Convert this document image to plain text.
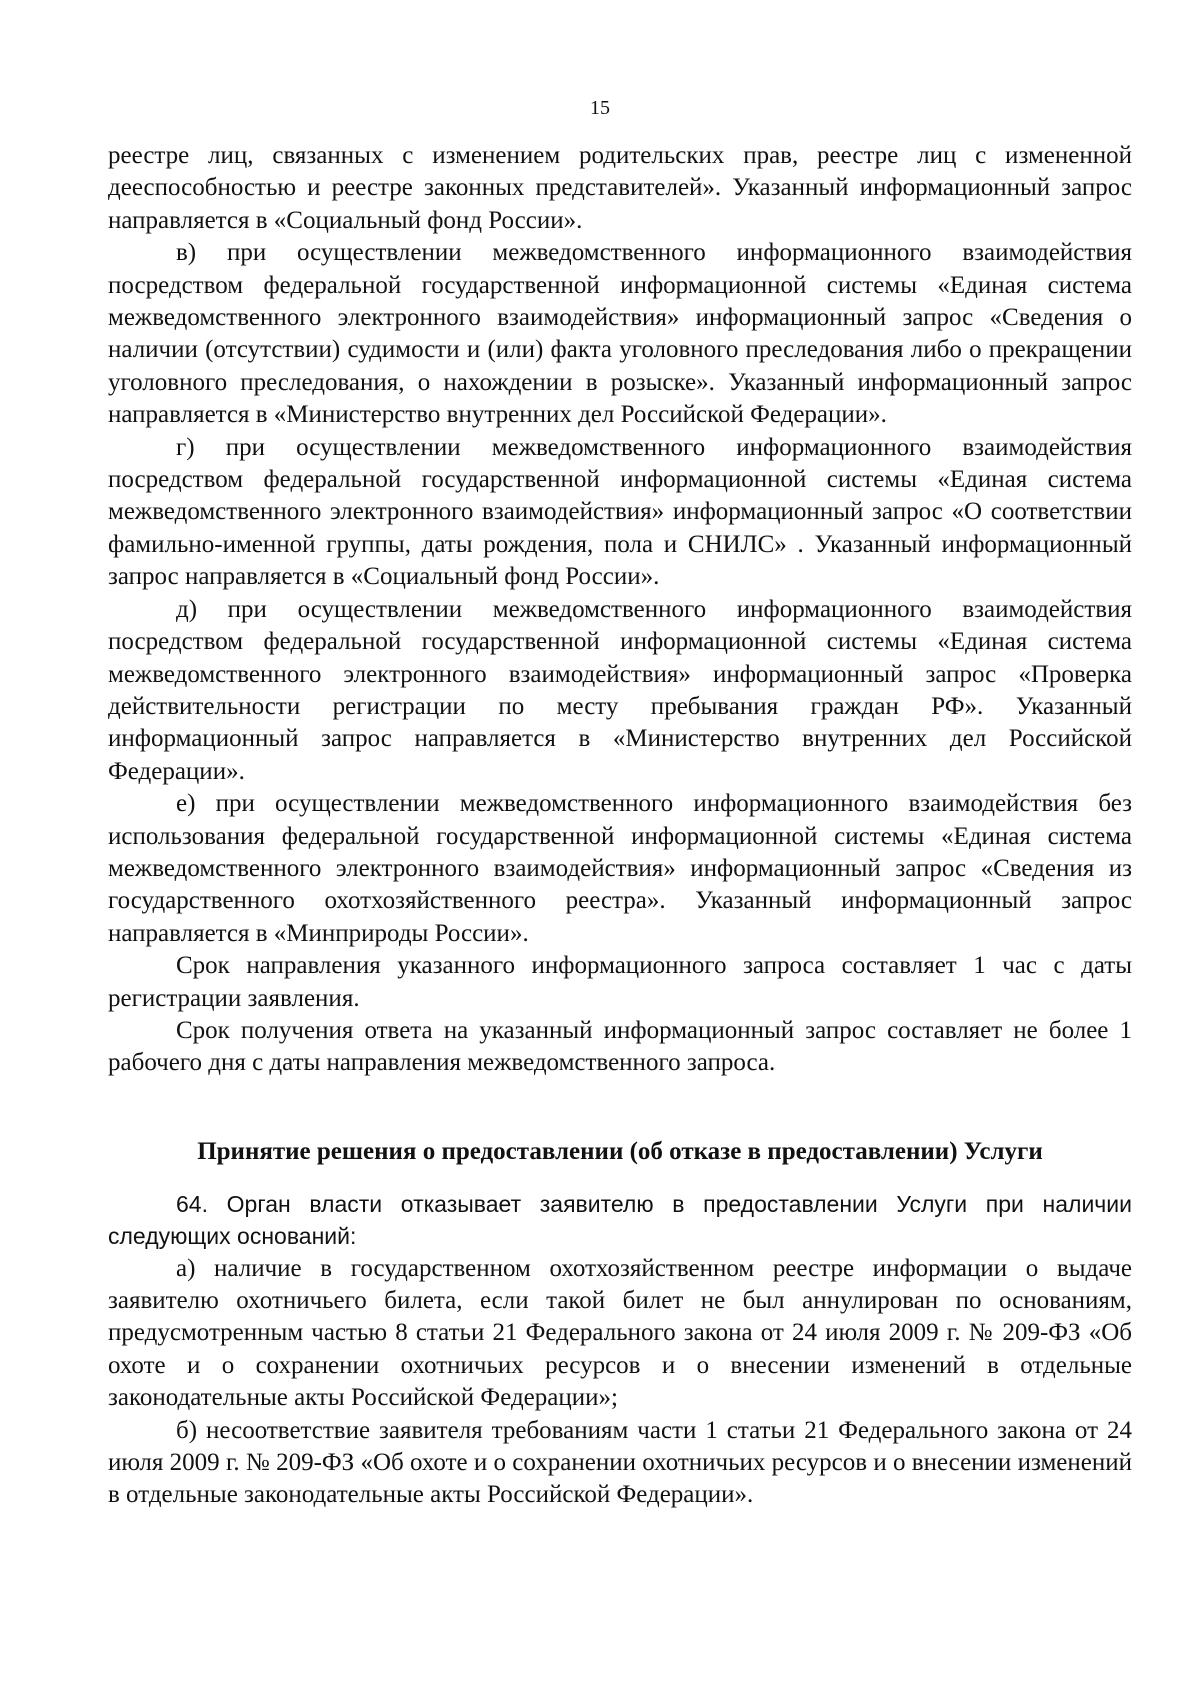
15

реестре лиц, связанных с изменением родительских прав, реестре лиц с измененной дееспособностью и реестре законных представителей». Указанный информационный запрос направляется в «Социальный фонд России».

в) при осуществлении межведомственного информационного взаимодействия посредством федеральной государственной информационной системы «Единая система межведомственного электронного взаимодействия» информационный запрос «Сведения о наличии (отсутствии) судимости и (или) факта уголовного преследования либо о прекращении уголовного преследования, о нахождении в розыске». Указанный информационный запрос направляется в «Министерство внутренних дел Российской Федерации».

г) при осуществлении межведомственного информационного взаимодействия посредством федеральной государственной информационной системы «Единая система межведомственного электронного взаимодействия» информационный запрос «О соответствии фамильно-именной группы, даты рождения, пола и СНИЛС» . Указанный информационный запрос направляется в «Социальный фонд России».

д) при осуществлении межведомственного информационного взаимодействия посредством федеральной государственной информационной системы «Единая система межведомственного электронного взаимодействия» информационный запрос «Проверка действительности регистрации по месту пребывания граждан РФ». Указанный информационный запрос направляется в «Министерство внутренних дел Российской Федерации».

е) при осуществлении межведомственного информационного взаимодействия без использования федеральной государственной информационной системы «Единая система межведомственного электронного взаимодействия» информационный запрос «Сведения из государственного охотхозяйственного реестра». Указанный информационный запрос направляется в «Минприроды России».

Срок направления указанного информационного запроса составляет 1 час с даты регистрации заявления.

Срок получения ответа на указанный информационный запрос составляет не более 1 рабочего дня с даты направления межведомственного запроса.

Принятие решения о предоставлении (об отказе в предоставлении) Услуги

64. Орган власти отказывает заявителю в предоставлении Услуги при наличии следующих оснований:

а) наличие в государственном охотхозяйственном реестре информации о выдаче заявителю охотничьего билета, если такой билет не был аннулирован по основаниям, предусмотренным частью 8 статьи 21 Федерального закона от 24 июля 2009 г. № 209-ФЗ «Об охоте и о сохранении охотничьих ресурсов и о внесении изменений в отдельные законодательные акты Российской Федерации»;

б) несоответствие заявителя требованиям части 1 статьи 21 Федерального закона от 24 июля 2009 г. № 209-ФЗ «Об охоте и о сохранении охотничьих ресурсов и о внесении изменений в отдельные законодательные акты Российской Федерации».
